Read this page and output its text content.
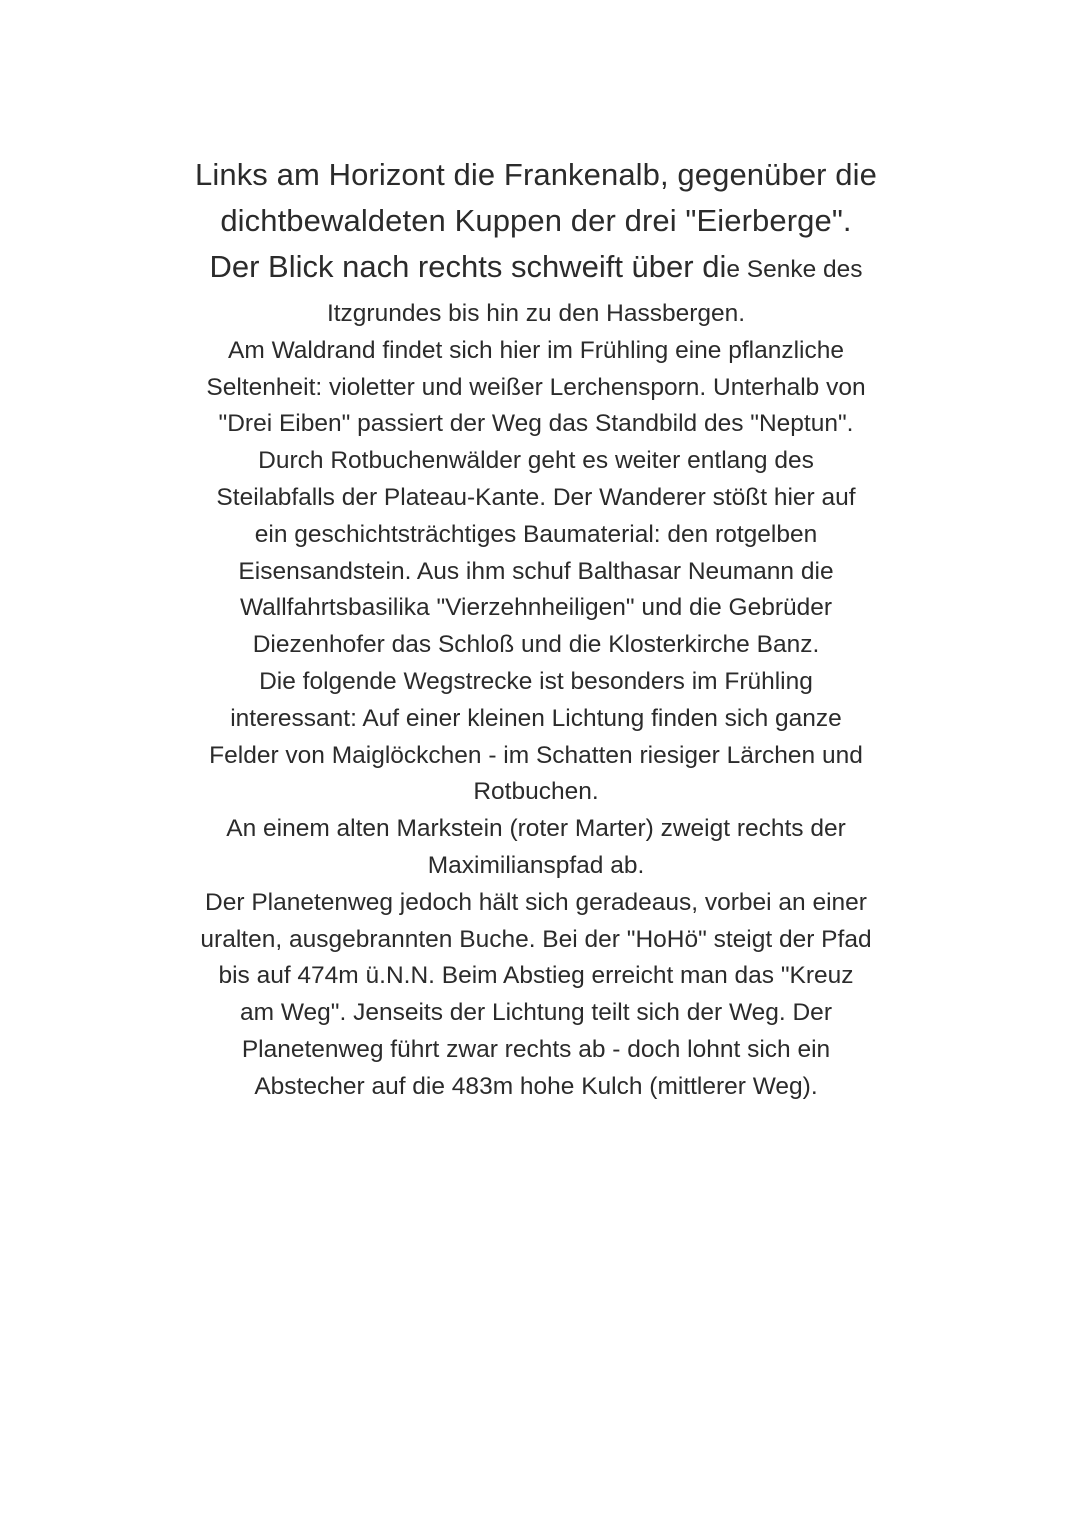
Links am Horizont die Frankenalb, gegenüber die
dichtbewaldeten Kuppen der drei "Eierberge".
Der Blick nach rechts schweift über die Senke des
Itzgrundes bis hin zu den Hassbergen.
Am Waldrand findet sich hier im Frühling eine pflanzliche
Seltenheit: violetter und weißer Lerchensporn. Unterhalb von
"Drei Eiben" passiert der Weg das Standbild des "Neptun".
Durch Rotbuchenwälder geht es weiter entlang des
Steilabfalls der Plateau-Kante. Der Wanderer stößt hier auf
ein geschichtsträchtiges Baumaterial: den rotgelben
Eisensandstein. Aus ihm schuf Balthasar Neumann die
Wallfahrtsbasilika "Vierzehnheiligen" und die Gebrüder
Diezenhofer das Schloß und die Klosterkirche Banz.
Die folgende Wegstrecke ist besonders im Frühling
interessant: Auf einer kleinen Lichtung finden sich ganze
Felder von Maiglöckchen - im Schatten riesiger Lärchen und
Rotbuchen.
An einem alten Markstein (roter Marter) zweigt rechts der
Maximilianspfad ab.
Der Planetenweg jedoch hält sich geradeaus, vorbei an einer
uralten, ausgebrannten Buche. Bei der "HoHö" steigt der Pfad
bis auf 474m ü.N.N. Beim Abstieg erreicht man das "Kreuz
am Weg". Jenseits der Lichtung teilt sich der Weg. Der
Planetenweg führt zwar rechts ab - doch lohnt sich ein
Abstecher auf die 483m hohe Kulch (mittlerer Weg).
